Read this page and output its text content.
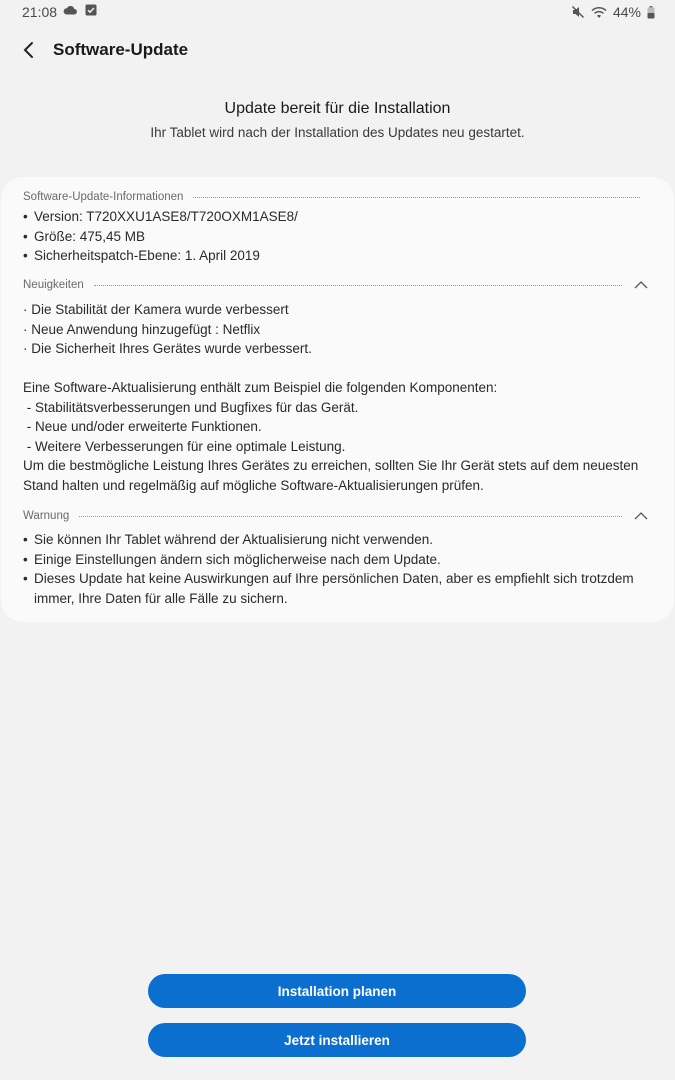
21:08	44%
Software-Update
Update bereit für die Installation
Ihr Tablet wird nach der Installation des Updates neu gestartet.
Software-Update-Informationen
• Version: T720XXU1ASE8/T720OXM1ASE8/
• Größe: 475,45 MB
• Sicherheitspatch-Ebene: 1. April 2019
Neuigkeiten
· Die Stabilität der Kamera wurde verbessert
· Neue Anwendung hinzugefügt : Netflix
· Die Sicherheit Ihres Gerätes wurde verbessert.
Eine Software-Aktualisierung enthält zum Beispiel die folgenden Komponenten:
- Stabilitätsverbesserungen und Bugfixes für das Gerät.
- Neue und/oder erweiterte Funktionen.
- Weitere Verbesserungen für eine optimale Leistung.
Um die bestmögliche Leistung Ihres Gerätes zu erreichen, sollten Sie Ihr Gerät stets auf dem neuesten Stand halten und regelmäßig auf mögliche Software-Aktualisierungen prüfen.
Warnung
• Sie können Ihr Tablet während der Aktualisierung nicht verwenden.
• Einige Einstellungen ändern sich möglicherweise nach dem Update.
• Dieses Update hat keine Auswirkungen auf Ihre persönlichen Daten, aber es empfiehlt sich trotzdem immer, Ihre Daten für alle Fälle zu sichern.
Installation planen
Jetzt installieren
